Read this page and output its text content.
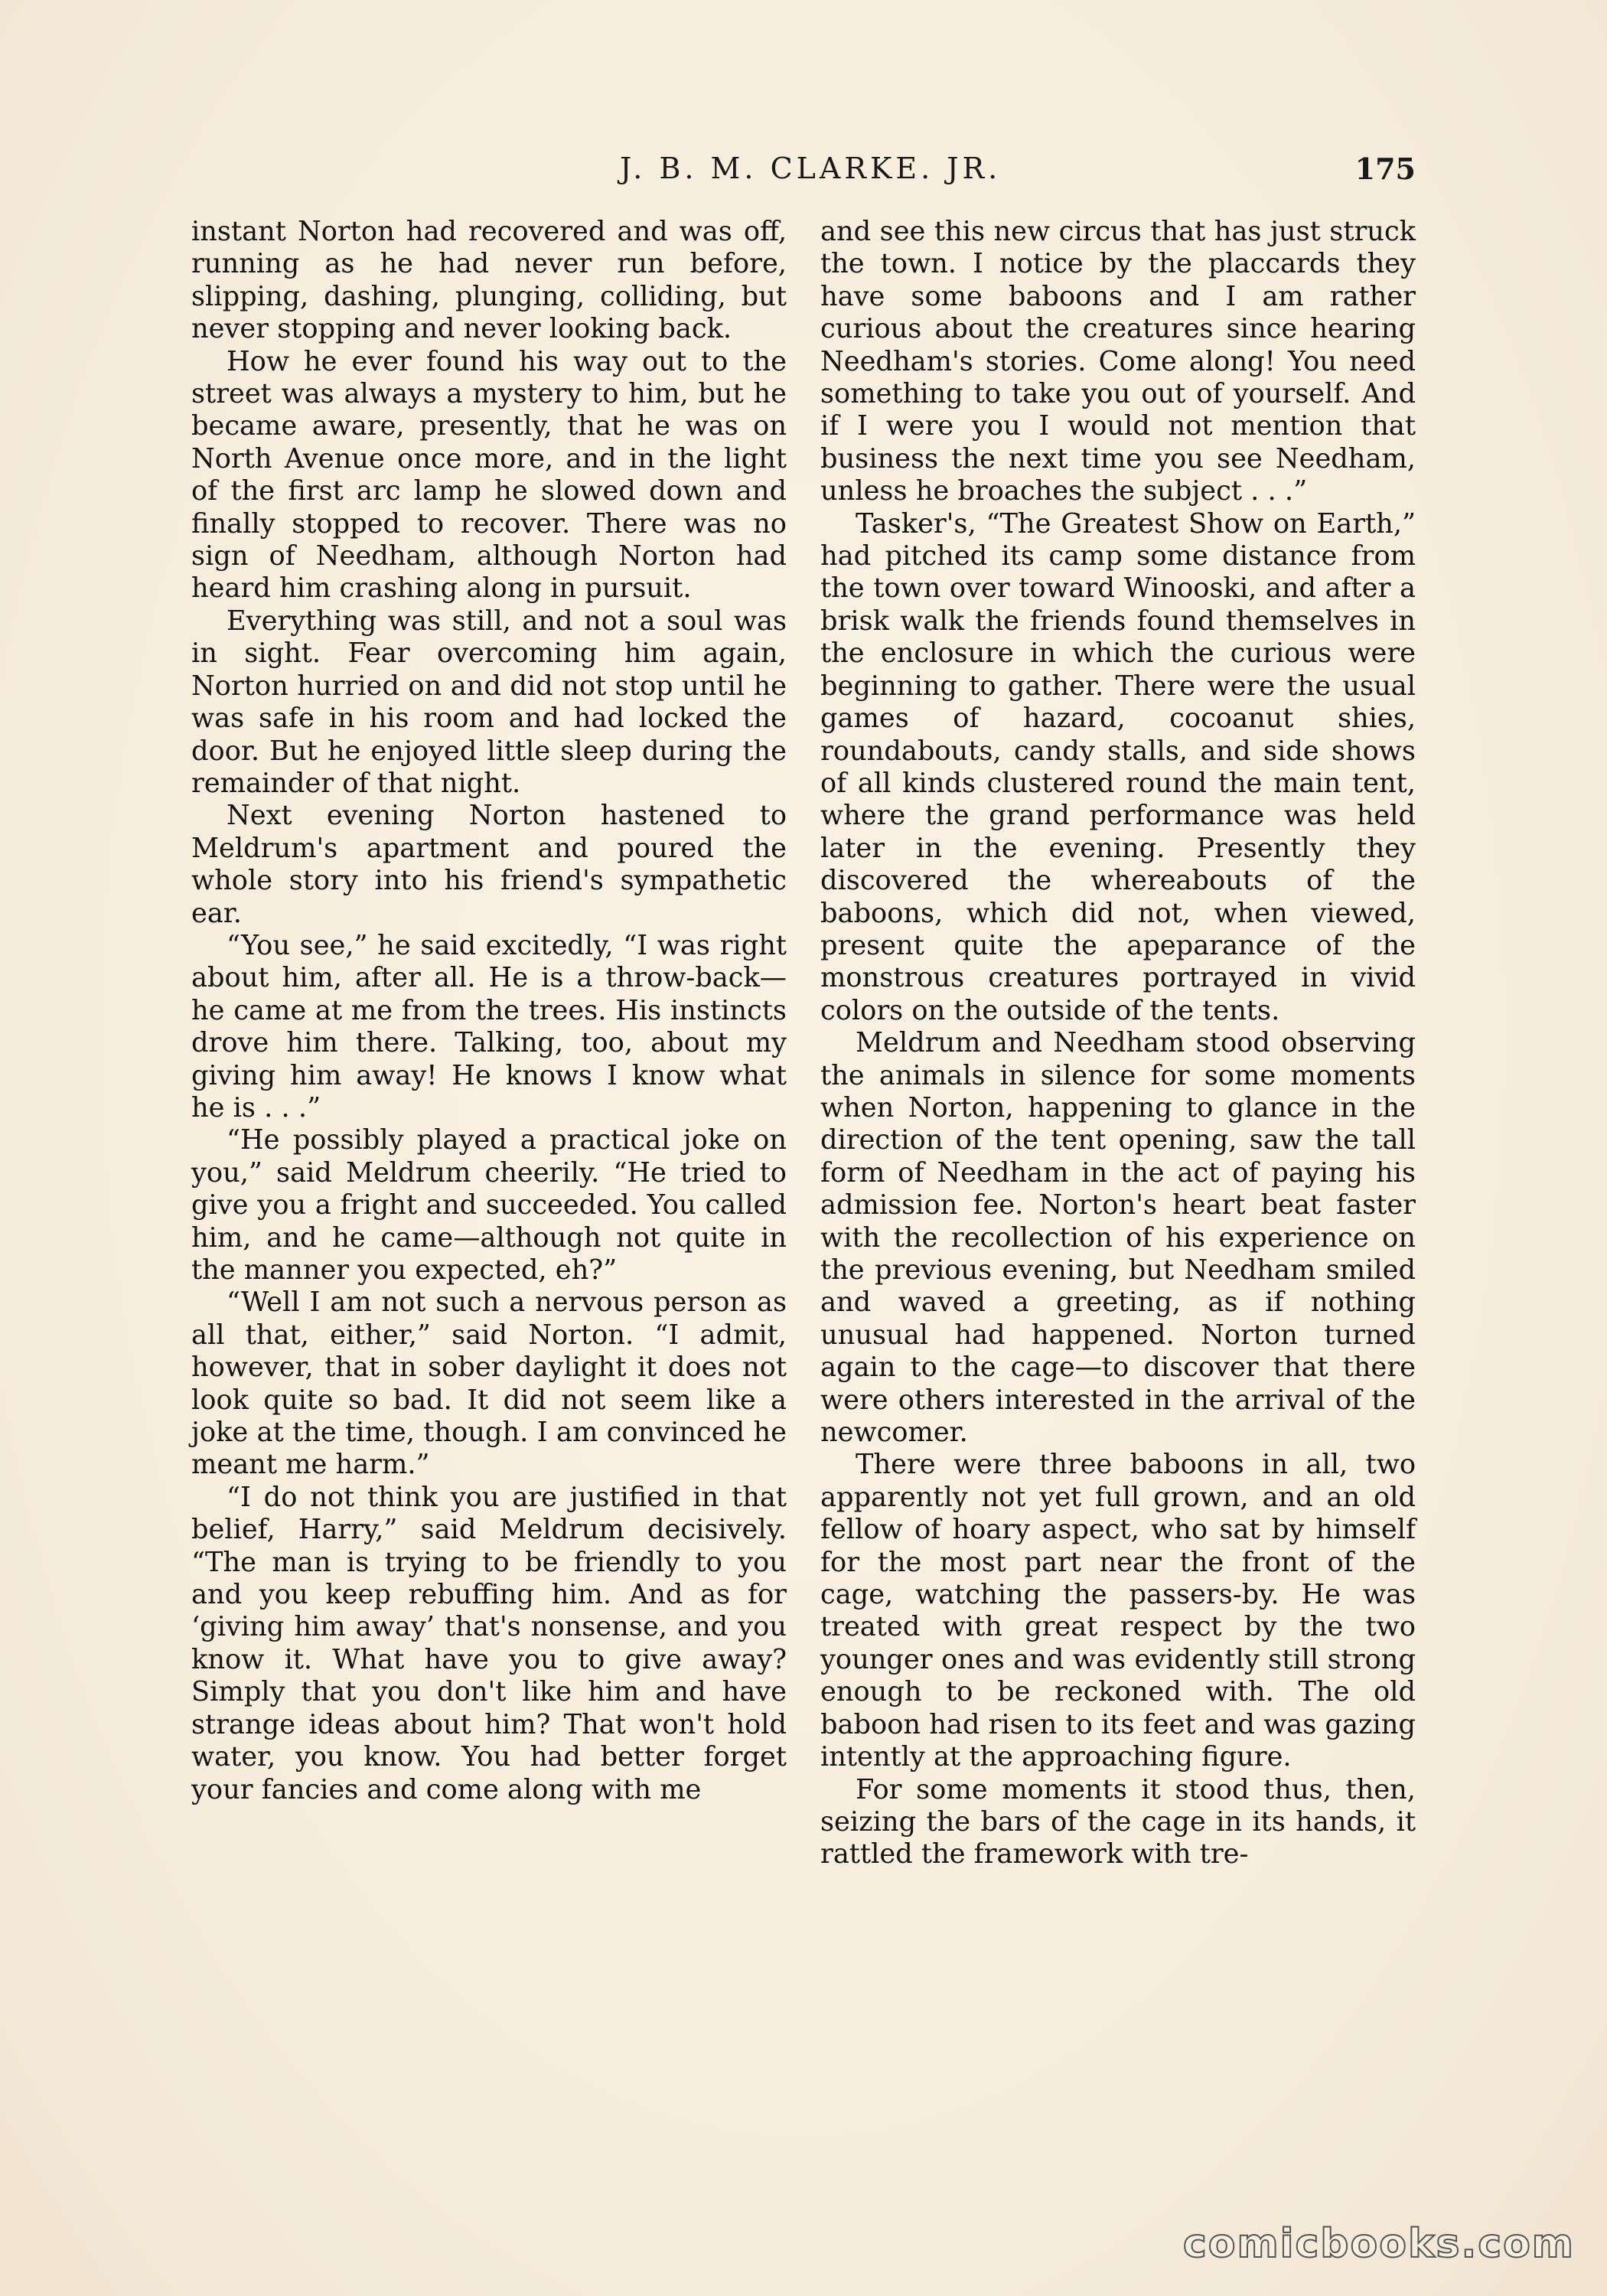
J. B. M. CLARKE. JR.	175

instant Norton had recovered and was off, running as he had never run before, slipping, dashing, plunging, colliding, but never stopping and never looking back.

How he ever found his way out to the street was always a mystery to him, but he became aware, presently, that he was on North Avenue once more, and in the light of the first arc lamp he slowed down and finally stopped to recover. There was no sign of Needham, although Norton had heard him crashing along in pursuit.

Everything was still, and not a soul was in sight. Fear overcoming him again, Norton hurried on and did not stop until he was safe in his room and had locked the door. But he enjoyed little sleep during the remainder of that night.

Next evening Norton hastened to Meldrum's apartment and poured the whole story into his friend's sympathetic ear.

“You see,” he said excitedly, “I was right about him, after all. He is a throw-back—he came at me from the trees. His instincts drove him there. Talking, too, about my giving him away! He knows I know what he is . . .”

“He possibly played a practical joke on you,” said Meldrum cheerily. “He tried to give you a fright and succeeded. You called him, and he came—although not quite in the manner you expected, eh?”

“Well I am not such a nervous person as all that, either,” said Norton. “I admit, however, that in sober daylight it does not look quite so bad. It did not seem like a joke at the time, though. I am convinced he meant me harm.”

“I do not think you are justified in that belief, Harry,” said Meldrum decisively. “The man is trying to be friendly to you and you keep rebuffing him. And as for ‘giving him away’ that's nonsense, and you know it. What have you to give away? Simply that you don't like him and have strange ideas about him? That won't hold water, you know. You had better forget your fancies and come along with me

and see this new circus that has just struck the town. I notice by the placcards they have some baboons and I am rather curious about the creatures since hearing Needham's stories. Come along! You need something to take you out of yourself. And if I were you I would not mention that business the next time you see Needham, unless he broaches the subject . . .”

Tasker's, “The Greatest Show on Earth,” had pitched its camp some distance from the town over toward Winooski, and after a brisk walk the friends found themselves in the enclosure in which the curious were beginning to gather. There were the usual games of hazard, cocoanut shies, roundabouts, candy stalls, and side shows of all kinds clustered round the main tent, where the grand performance was held later in the evening. Presently they discovered the whereabouts of the baboons, which did not, when viewed, present quite the apeparance of the monstrous creatures portrayed in vivid colors on the outside of the tents.

Meldrum and Needham stood observing the animals in silence for some moments when Norton, happening to glance in the direction of the tent opening, saw the tall form of Needham in the act of paying his admission fee. Norton's heart beat faster with the recollection of his experience on the previous evening, but Needham smiled and waved a greeting, as if nothing unusual had happened. Norton turned again to the cage—to discover that there were others interested in the arrival of the newcomer.

There were three baboons in all, two apparently not yet full grown, and an old fellow of hoary aspect, who sat by himself for the most part near the front of the cage, watching the passers-by. He was treated with great respect by the two younger ones and was evidently still strong enough to be reckoned with. The old baboon had risen to its feet and was gazing intently at the approaching figure.

For some moments it stood thus, then, seizing the bars of the cage in its hands, it rattled the framework with tre-

comicbooks.com
